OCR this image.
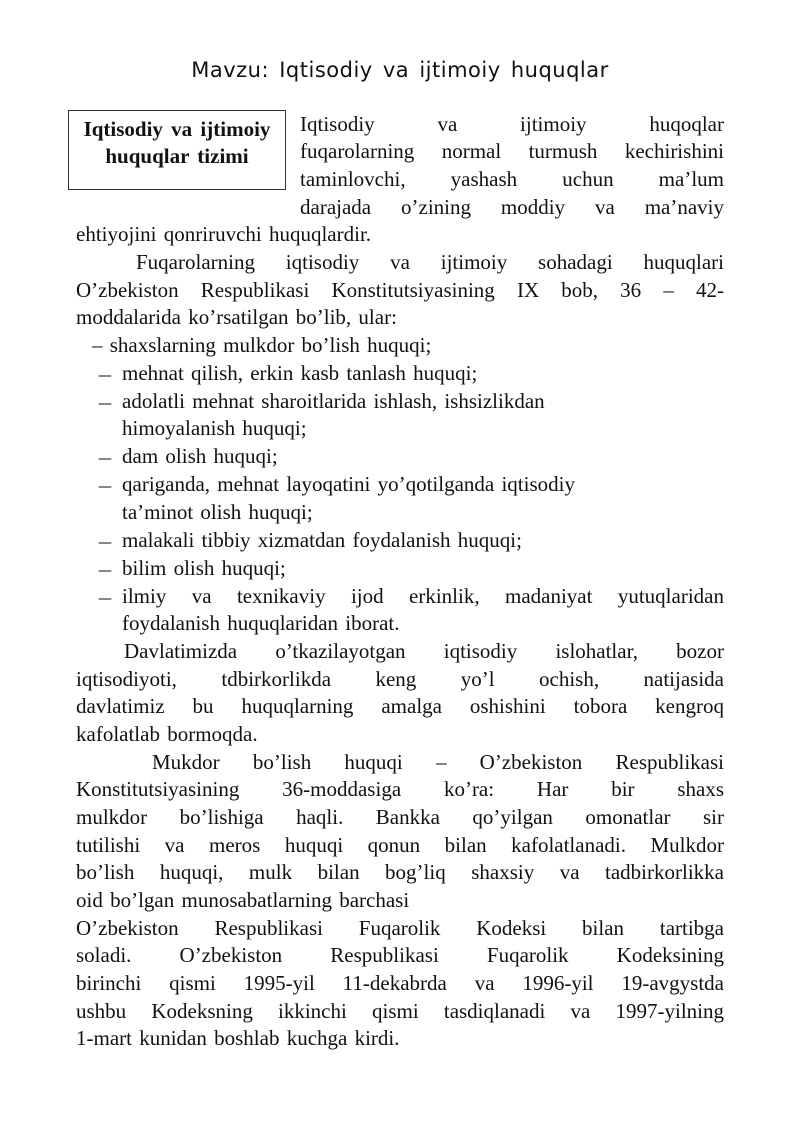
Mavzu: Iqtisodiy va ijtimoiy huquqlar
Iqtisodiy va ijtimoiy huquqlar tizimi
Iqtisodiy va ijtimoiy huqoqlar
fuqarolarning normal turmush kechirishini
taminlovchi, yashash uchun ma’lum
darajada o’zining moddiy va ma’naviy
ehtiyojini qonriruvchi huquqlardir.
Fuqarolarning iqtisodiy va ijtimoiy sohadagi huquqlari
O’zbekiston Respublikasi Konstitutsiyasining IX bob, 36 – 42-
moddalarida ko’rsatilgan bo’lib, ular:
– shaxslarning mulkdor bo’lish huquqi;
— mehnat qilish, erkin kasb tanlash huquqi;
— adolatli mehnat sharoitlarida ishlash, ishsizlikdan
himoyalanish huquqi;
— dam olish huquqi;
— qariganda, mehnat layoqatini yo’qotilganda iqtisodiy
ta’minot olish huquqi;
— malakali tibbiy xizmatdan foydalanish huquqi;
— bilim olish huquqi;
— ilmiy va texnikaviy ijod erkinlik, madaniyat yutuqlaridan
foydalanish huquqlaridan iborat.
Davlatimizda o’tkazilayotgan iqtisodiy islohatlar, bozor
iqtisodiyoti, tdbirkorlikda keng yo’l ochish, natijasida
davlatimiz bu huquqlarning amalga oshishini tobora kengroq
kafolatlab bormoqda.
Mukdor bo’lish huquqi – O’zbekiston Respublikasi
Konstitutsiyasining 36-moddasiga ko’ra: Har bir shaxs
mulkdor bo’lishiga haqli. Bankka qo’yilgan omonatlar sir
tutilishi va meros huquqi qonun bilan kafolatlanadi. Mulkdor
bo’lish huquqi, mulk bilan bog’liq shaxsiy va tadbirkorlikka
oid bo’lgan munosabatlarning barchasi
O’zbekiston Respublikasi Fuqarolik Kodeksi bilan tartibga
soladi. O’zbekiston Respublikasi Fuqarolik Kodeksining
birinchi qismi 1995-yil 11-dekabrda va 1996-yil 19-avgystda
ushbu Kodeksning ikkinchi qismi tasdiqlanadi va 1997-yilning
1-mart kunidan boshlab kuchga kirdi.
